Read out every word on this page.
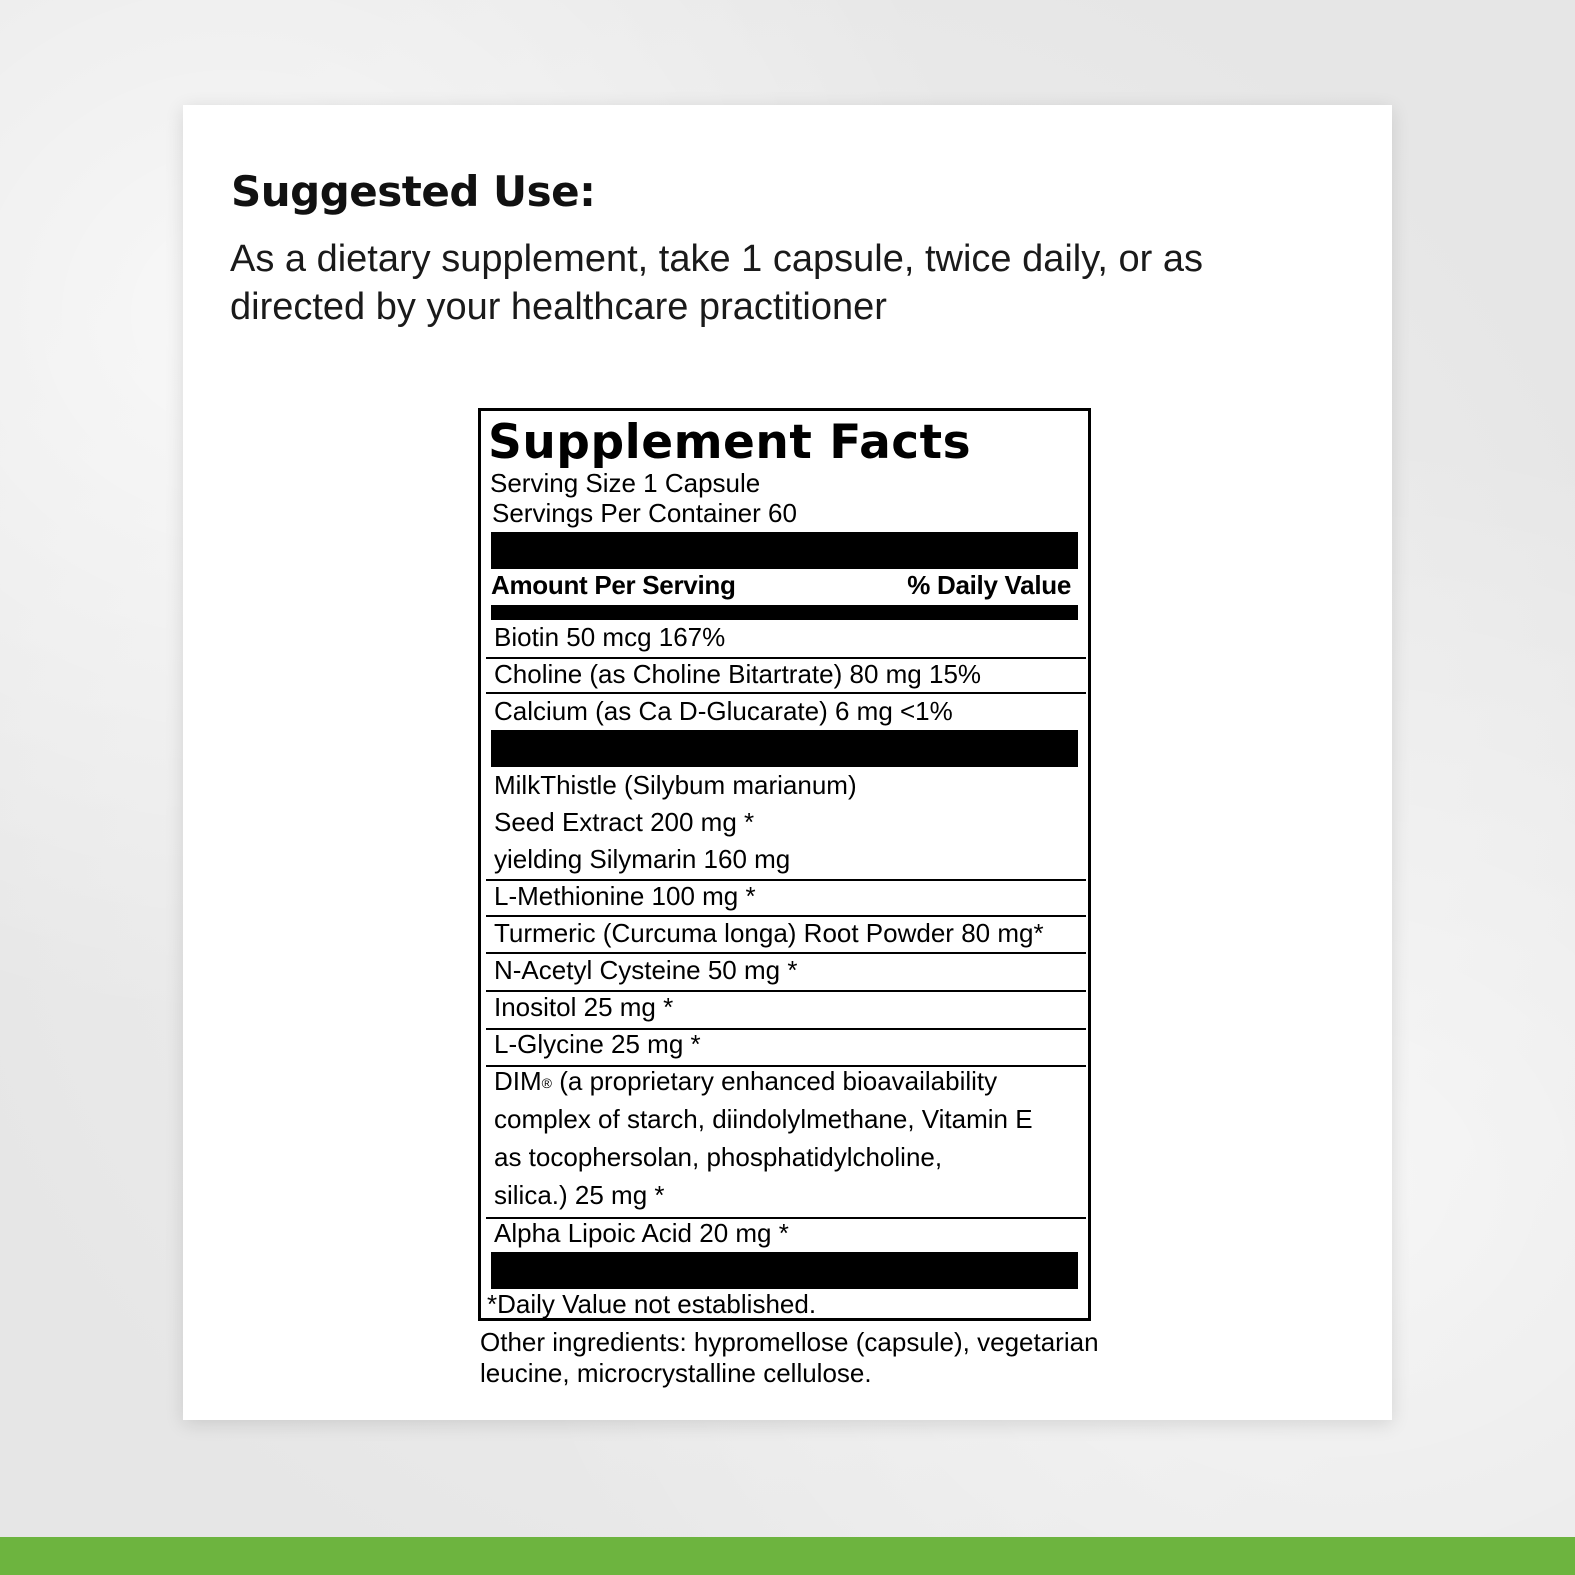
Suggested Use:

As a dietary supplement, take 1 capsule, twice daily, or as directed by your healthcare practitioner

Supplement Facts
Serving Size 1 Capsule
Servings Per Container 60
Amount Per Serving	% Daily Value
Biotin 50 mcg 167%
Choline (as Choline Bitartrate) 80 mg 15%
Calcium (as Ca D-Glucarate) 6 mg <1%
MilkThistle (Silybum marianum)
Seed Extract 200 mg *
yielding Silymarin 160 mg
L-Methionine 100 mg *
Turmeric (Curcuma longa) Root Powder 80 mg*
N-Acetyl Cysteine 50 mg *
Inositol 25 mg *
L-Glycine 25 mg *
DIM® (a proprietary enhanced bioavailability
complex of starch, diindolylmethane, Vitamin E
as tocophersolan, phosphatidylcholine,
silica.) 25 mg *
Alpha Lipoic Acid 20 mg *
*Daily Value not established.

Other ingredients: hypromellose (capsule), vegetarian
leucine, microcrystalline cellulose.
